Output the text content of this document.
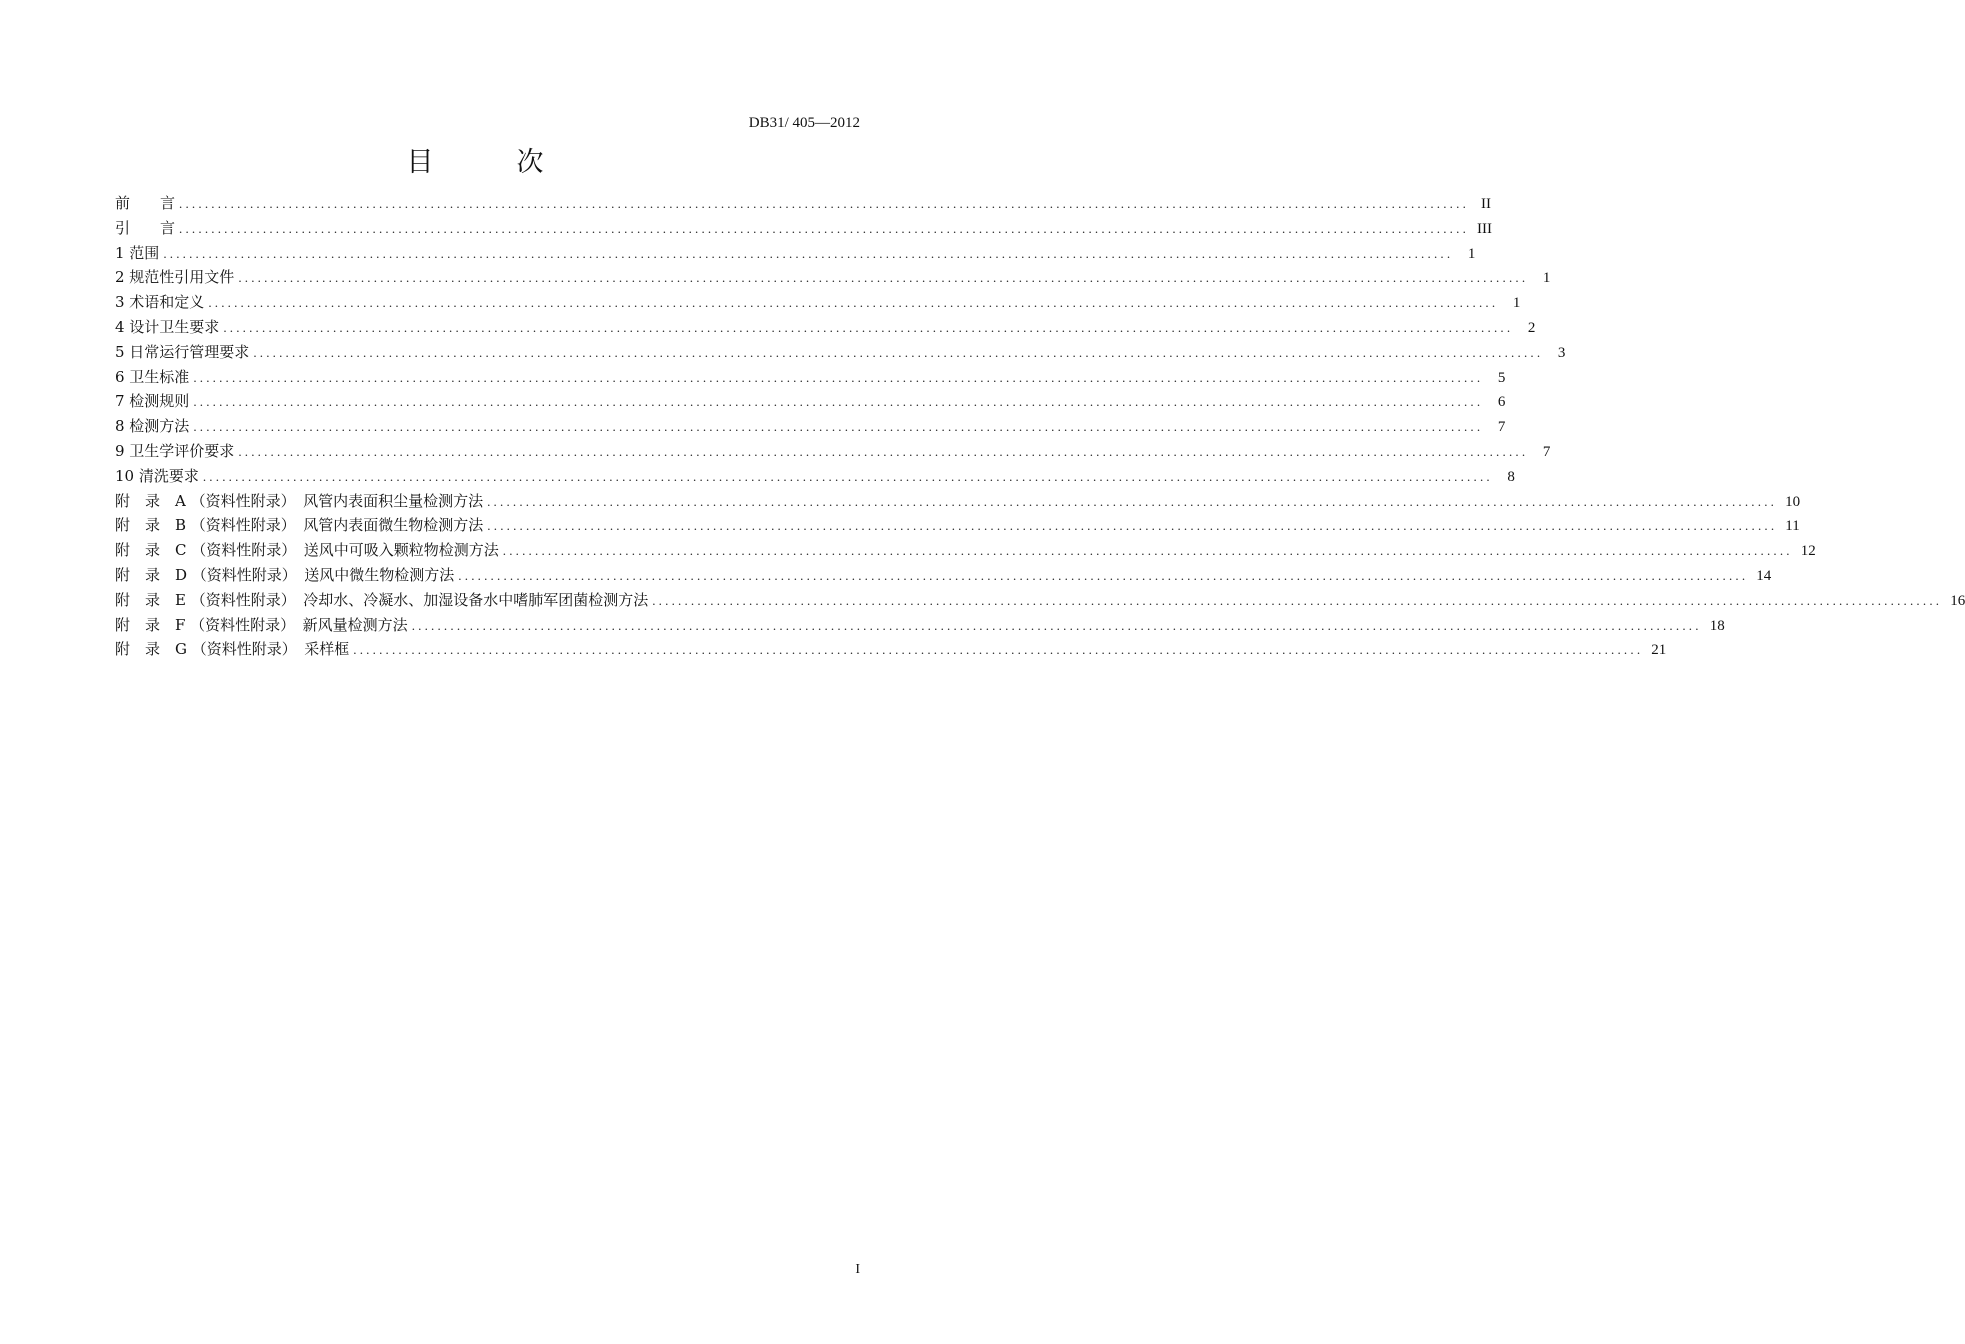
DB31/ 405—2012
目　次
前　　言 ........................................................................................................................................................................................................ II
引　　言 ........................................................................................................................................................................................................ III
1 范围 ........................................................................................................................................................................................................ 1
2 规范性引用文件 ........................................................................................................................................................................................................ 1
3 术语和定义 ........................................................................................................................................................................................................ 1
4 设计卫生要求 ........................................................................................................................................................................................................ 2
5 日常运行管理要求 ........................................................................................................................................................................................................ 3
6 卫生标准 ........................................................................................................................................................................................................ 5
7 检测规则 ........................................................................................................................................................................................................ 6
8 检测方法 ........................................................................................................................................................................................................ 7
9 卫生学评价要求 ........................................................................................................................................................................................................ 7
10 清洗要求 ........................................................................................................................................................................................................ 8
附　录　A （资料性附录）　风管内表面积尘量检测方法 ........................................................................................................................................................................................................ 10
附　录　B （资料性附录）　风管内表面微生物检测方法 ........................................................................................................................................................................................................ 11
附　录　C （资料性附录）　送风中可吸入颗粒物检测方法 ........................................................................................................................................................................................................ 12
附　录　D （资料性附录）　送风中微生物检测方法 ........................................................................................................................................................................................................ 14
附　录　E （资料性附录）　冷却水、冷凝水、加湿设备水中嗜肺军团菌检测方法 ........................................................................................................................................................................................................ 16
附　录　F （资料性附录）　新风量检测方法 ........................................................................................................................................................................................................ 18
附　录　G （资料性附录）　采样框 ........................................................................................................................................................................................................ 21
I
